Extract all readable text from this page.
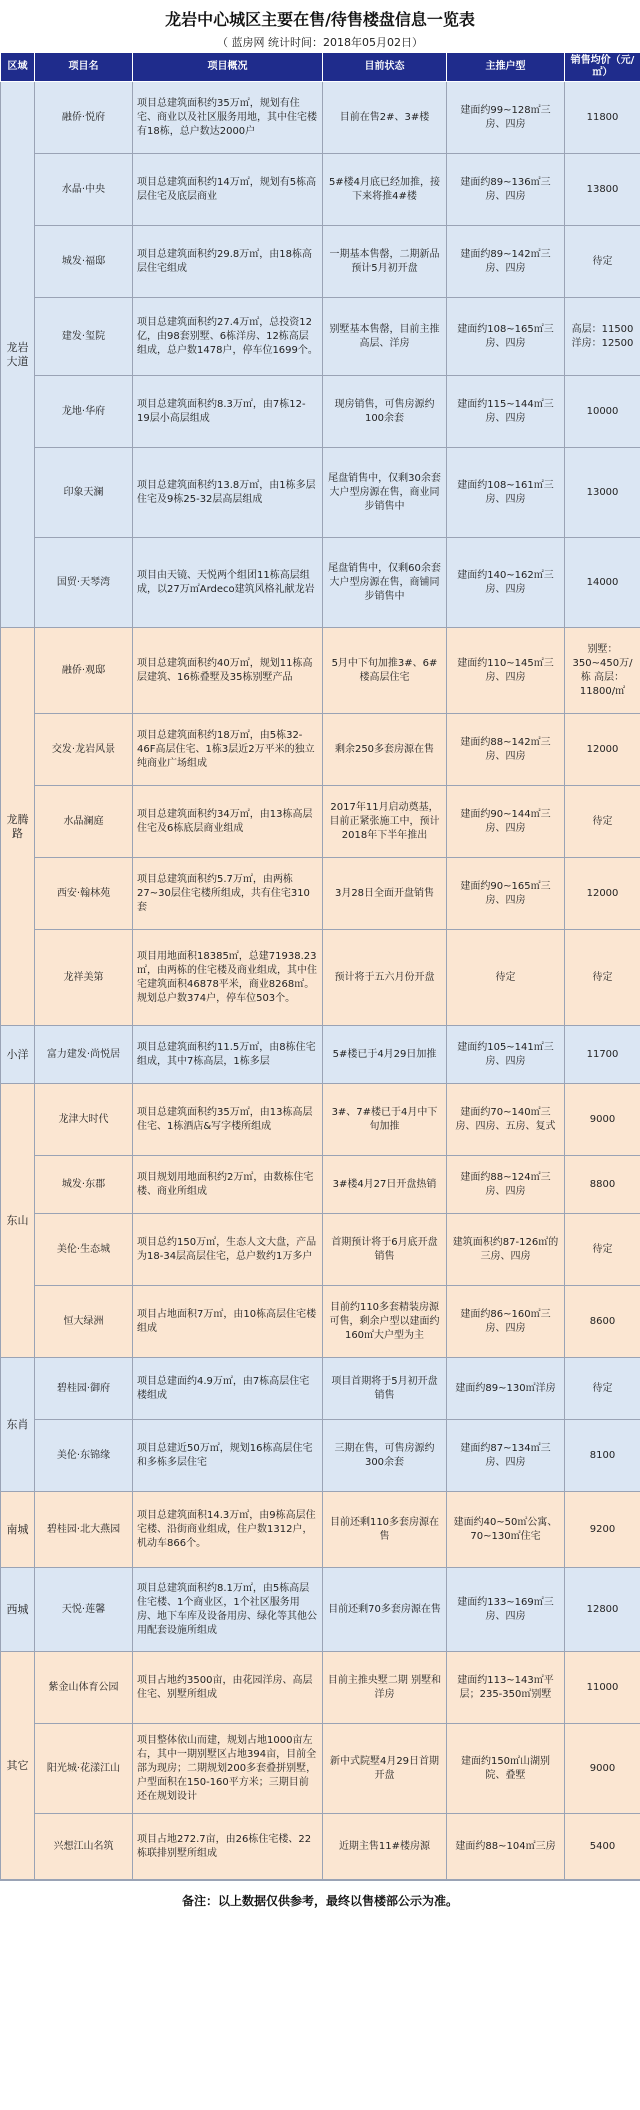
龙岩中心城区主要在售/待售楼盘信息一览表
（ 蓝房网 统计时间：2018年05月02日）
区域	项目名	项目概况	目前状态	主推户型	销售均价（元/㎡）
龙岩大道	融侨·悦府	项目总建筑面积约35万㎡，规划有住宅、商业以及社区服务用地，其中住宅楼有18栋，总户数达2000户	目前在售2#、3#楼	建面约99~128㎡三房、四房	11800
	水晶·中央	项目总建筑面积约14万㎡，规划有5栋高层住宅及底层商业	5#楼4月底已经加推，接下来将推4#楼	建面约89~136㎡三房、四房	13800
	城发·福邸	项目总建筑面积约29.8万㎡，由18栋高层住宅组成	一期基本售罄，二期新品预计5月初开盘	建面约89~142㎡三房、四房	待定
	建发·玺院	项目总建筑面积约27.4万㎡，总投资12亿，由98套别墅、6栋洋房、12栋高层组成，总户数1478户，停车位1699个。	别墅基本售罄，目前主推高层、洋房	建面约108~165㎡三房、四房	高层：11500 洋房：12500
	龙地·华府	项目总建筑面积约8.3万㎡，由7栋12-19层小高层组成	现房销售，可售房源约100余套	建面约115~144㎡三房、四房	10000
	印象天澜	项目总建筑面积约13.8万㎡，由1栋多层住宅及9栋25-32层高层组成	尾盘销售中，仅剩30余套大户型房源在售，商业同步销售中	建面约108~161㎡三房、四房	13000
	国贸·天琴湾	项目由天镜、天悦两个组团11栋高层组成，以27万㎡Ardeco建筑风格礼献龙岩	尾盘销售中，仅剩60余套大户型房源在售，商铺同步销售中	建面约140~162㎡三房、四房	14000
龙腾路	融侨·观邸	项目总建筑面积约40万㎡，规划11栋高层建筑、16栋叠墅及35栋别墅产品	5月中下旬加推3#、6#楼高层住宅	建面约110~145㎡三房、四房	别墅：350~450万/栋 高层：11800/㎡
	交发·龙岩风景	项目总建筑面积约18万㎡，由5栋32-46F高层住宅、1栋3层近2万平米的独立纯商业广场组成	剩余250多套房源在售	建面约88~142㎡三房、四房	12000
	水晶澜庭	项目总建筑面积约34万㎡，由13栋高层住宅及6栋底层商业组成	2017年11月启动奠基，目前正紧张施工中，预计2018年下半年推出	建面约90~144㎡三房、四房	待定
	西安·翰林苑	项目总建筑面积约5.7万㎡，由两栋27~30层住宅楼所组成，共有住宅310套	3月28日全面开盘销售	建面约90~165㎡三房、四房	12000
	龙祥美第	项目用地面积18385㎡，总建71938.23㎡，由两栋的住宅楼及商业组成，其中住宅建筑面积46878平米，商业8268㎡。规划总户数374户，停车位503个。	预计将于五六月份开盘	待定	待定
小洋	富力建发·尚悦居	项目总建筑面积约11.5万㎡，由8栋住宅组成，其中7栋高层，1栋多层	5#楼已于4月29日加推	建面约105~141㎡三房、四房	11700
东山	龙津大时代	项目总建筑面积约35万㎡，由13栋高层住宅、1栋酒店&写字楼所组成	3#、7#楼已于4月中下旬加推	建面约70~140㎡三房、四房、五房、复式	9000
	城发·东郡	项目规划用地面积约2万㎡，由数栋住宅楼、商业所组成	3#楼4月27日开盘热销	建面约88~124㎡三房、四房	8800
	美伦·生态城	项目总约150万㎡，生态人文大盘，产品为18-34层高层住宅，总户数约1万多户	首期预计将于6月底开盘销售	建筑面积约87-126㎡的三房、四房	待定
	恒大绿洲	项目占地面积7万㎡，由10栋高层住宅楼组成	目前约110多套精装房源可售，剩余户型以建面约160㎡大户型为主	建面约86~160㎡三房、四房	8600
东肖	碧桂园·御府	项目总建面约4.9万㎡，由7栋高层住宅楼组成	项目首期将于5月初开盘销售	建面约89~130㎡洋房	待定
	美伦·东锦缘	项目总建近50万㎡，规划16栋高层住宅和多栋多层住宅	三期在售，可售房源约300余套	建面约87~134㎡三房、四房	8100
南城	碧桂园·北大燕园	项目总建筑面积14.3万㎡，由9栋高层住宅楼、沿街商业组成，住户数1312户，机动车866个。	目前还剩110多套房源在售	建面约40~50㎡公寓、70~130㎡住宅	9200
西城	天悦·莲馨	项目总建筑面积约8.1万㎡，由5栋高层住宅楼、1个商业区，1个社区服务用房、地下车库及设备用房、绿化等其他公用配套设施所组成	目前还剩70多套房源在售	建面约133~169㎡三房、四房	12800
其它	紫金山体育公园	项目占地约3500亩，由花园洋房、高层住宅、别墅所组成	目前主推央墅二期 别墅和洋房	建面约113~143㎡平层；235-350㎡别墅	11000
	阳光城·花漾江山	项目整体依山而建，规划占地1000亩左右，其中一期别墅区占地394亩，目前全部为现房；二期规划200多套叠拼别墅，户型面积在150-160平方米；三期目前还在规划设计	新中式院墅4月29日首期开盘	建面约150㎡山湖别院、叠墅	9000
	兴想江山名筑	项目占地272.7亩，由26栋住宅楼、22栋联排别墅所组成	近期主售11#楼房源	建面约88~104㎡三房	5400
备注：以上数据仅供参考，最终以售楼部公示为准。
